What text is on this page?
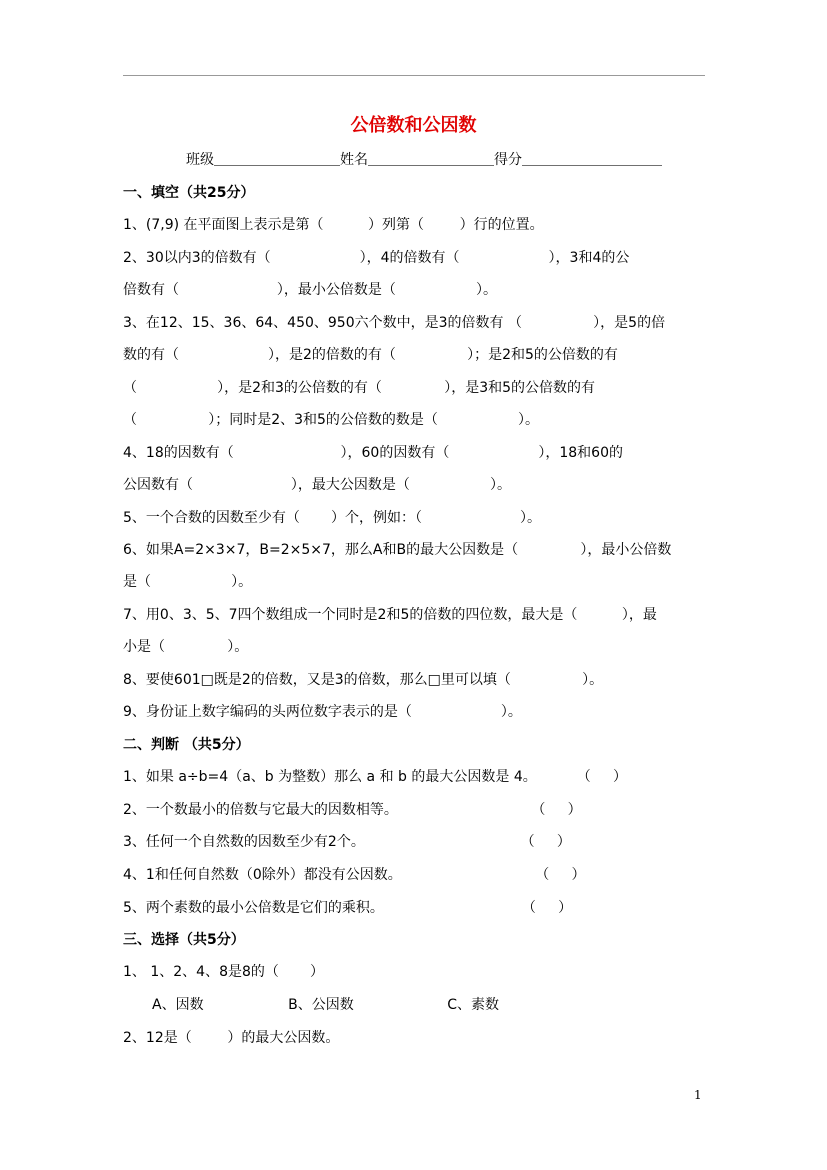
公倍数和公因数
班级＿＿＿＿＿＿＿＿＿姓名＿＿＿＿＿＿＿＿＿得分＿＿＿＿＿＿＿＿＿＿
一、填空（共25分）
1、(7,9) 在平面图上表示是第（          ）列第（        ）行的位置。
2、30以内3的倍数有（                    ），4的倍数有（                    ），3和4的公
倍数有（                      ），最小公倍数是（                  ）。
3、在12、15、36、64、450、950六个数中，是3的倍数有 （                ），是5的倍
数的有（                    ），是2的倍数的有（                ）；是2和5的公倍数的有
（                  ），是2和3的公倍数的有（              ），是3和5的公倍数的有
（                ）；同时是2、3和5的公倍数的数是（                  ）。
4、18的因数有（                        ），60的因数有（                    ），18和60的
公因数有（                      ），最大公因数是（                  ）。
5、一个合数的因数至少有（       ）个，例如：（                      ）。
6、如果A=2×3×7，B=2×5×7，那么A和B的最大公因数是（              ），最小公倍数
是（                  ）。
7、用0、3、5、7四个数组成一个同时是2和5的倍数的四位数，最大是（          ），最
小是（              ）。
8、要使601□既是2的倍数，又是3的倍数，那么□里可以填（                ）。
9、身份证上数字编码的头两位数字表示的是（                    ）。
二、判断 （共5分）
1、如果 a÷b=4（a、b 为整数）那么 a 和 b 的最大公因数是 4。         （     ）
2、一个数最小的倍数与它最大的因数相等。                              （     ）
3、任何一个自然数的因数至少有2个。                                   （     ）
4、1和任何自然数（0除外）都没有公因数。                              （     ）
5、两个素数的最小公倍数是它们的乘积。                               （     ）
三、选择（共5分）
1、 1、2、4、8是8的（       ）
A、因数                   B、公因数                     C、素数
2、12是（        ）的最大公因数。
1
